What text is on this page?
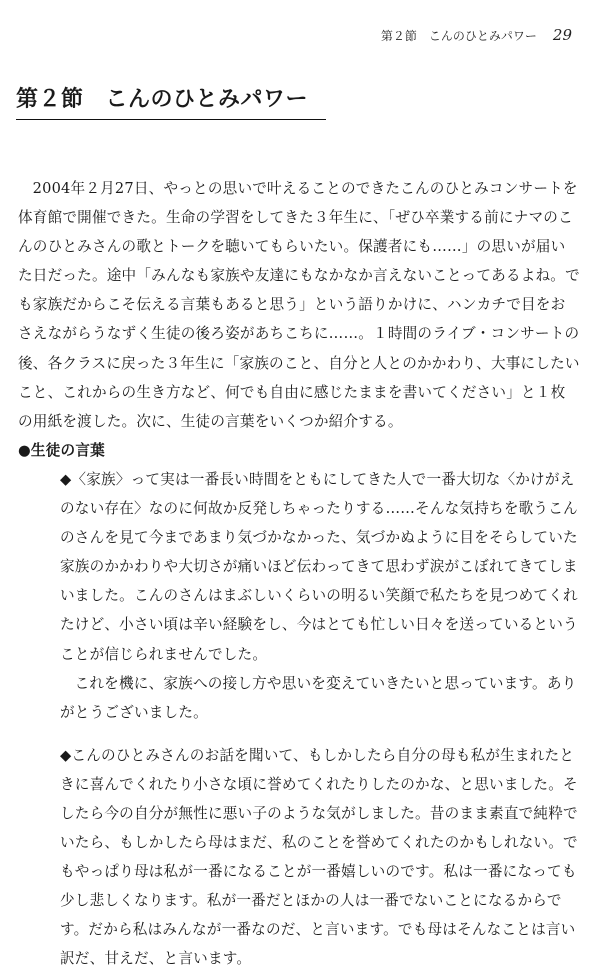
第２節　こんのひとみパワー 29
第２節 こんのひとみパワー

2004年２月27日、やっとの思いで叶えることのできたこんのひとみコンサートを体育館で開催できた。生命の学習をしてきた３年生に、「ぜひ卒業する前にナマのこんのひとみさんの歌とトークを聴いてもらいたい。保護者にも……」の思いが届いた日だった。途中「みんなも家族や友達にもなかなか言えないことってあるよね。でも家族だからこそ伝える言葉もあると思う」という語りかけに、ハンカチで目をおさえながらうなずく生徒の後ろ姿があちこちに……。１時間のライブ・コンサートの後、各クラスに戻った３年生に「家族のこと、自分と人とのかかわり、大事にしたいこと、これからの生き方など、何でも自由に感じたままを書いてください」と１枚の用紙を渡した。次に、生徒の言葉をいくつか紹介する。

●生徒の言葉

◆〈家族〉って実は一番長い時間をともにしてきた人で一番大切な〈かけがえのない存在〉なのに何故か反発しちゃったりする……そんな気持ちを歌うこんのさんを見て今まであまり気づかなかった、気づかぬように目をそらしていた家族のかかわりや大切さが痛いほど伝わってきて思わず涙がこぼれてきてしまいました。こんのさんはまぶしいくらいの明るい笑顔で私たちを見つめてくれたけど、小さい頃は辛い経験をし、今はとても忙しい日々を送っているということが信じられませんでした。

これを機に、家族への接し方や思いを変えていきたいと思っています。ありがとうございました。

◆こんのひとみさんのお話を聞いて、もしかしたら自分の母も私が生まれたときに喜んでくれたり小さな頃に誉めてくれたりしたのかな、と思いました。そしたら今の自分が無性に悪い子のような気がしました。昔のまま素直で純粋でいたら、もしかしたら母はまだ、私のことを誉めてくれたのかもしれない。でもやっぱり母は私が一番になることが一番嬉しいのです。私は一番になっても少し悲しくなります。私が一番だとほかの人は一番でないことになるからです。だから私はみんなが一番なのだ、と言います。でも母はそんなことは言い訳だ、甘えだ、と言います。
